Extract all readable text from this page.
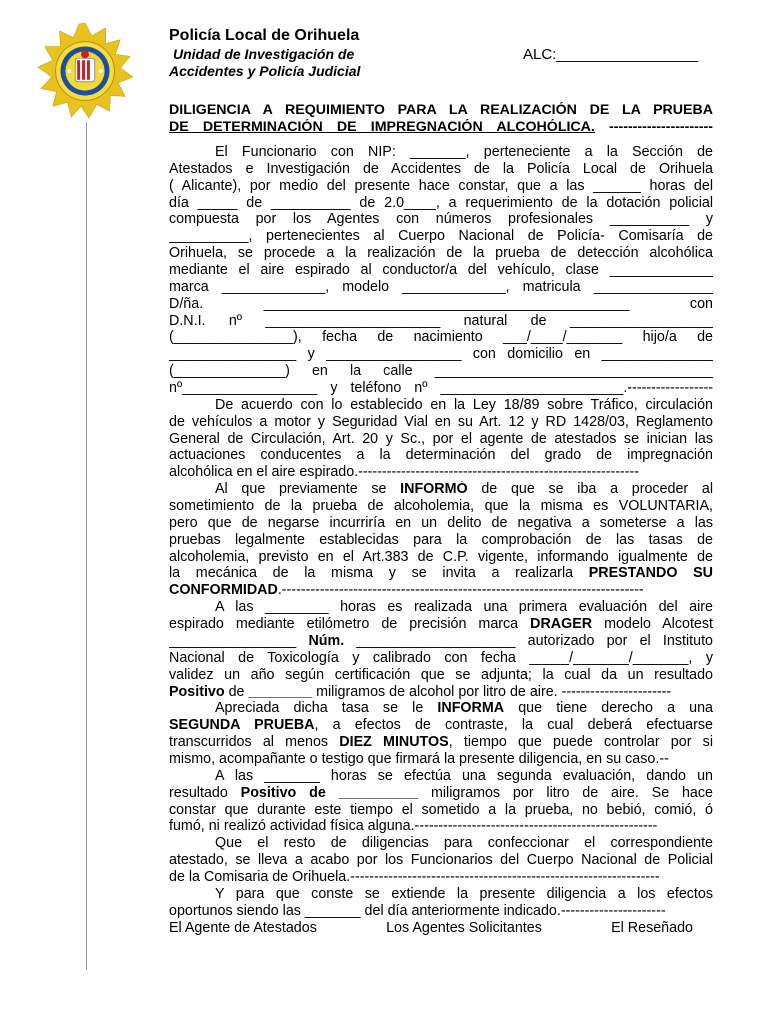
Policía Local de Orihuela
Unidad de Investigación de
Accidentes y Policía Judicial
ALC:_________________
DILIGENCIA A REQUIMIENTO PARA LA REALIZACIÓN DE LA PRUEBA
DE DETERMINACIÓN DE IMPREGNACIÓN ALCOHÓLICA. ----------------------
El Funcionario con NIP: _______, perteneciente a la Sección de
Atestados e Investigación de Accidentes de la Policía Local de Orihuela
( Alicante), por medio del presente hace constar, que a las ______ horas del
día _____ de __________ de 2.0____, a requerimiento de la dotación policial
compuesta por los Agentes con números profesionales __________ y
__________, pertenecientes al Cuerpo Nacional de Policía- Comisaría de
Orihuela, se procede a la realización de la prueba de detección alcohólica
mediante el aire espirado al conductor/a del vehículo, clase _____________
marca _____________, modelo _____________, matricula _______________
D/ña. ______________________________________________ con
D.N.I. nº ______________________ natural de __________________
(_______________), fecha de nacimiento ___/____/_______ hijo/a de
________________ y _________________ con domicilio en ______________
(______________) en la calle ___________________________________
nº_________________ y teléfono nº _______________________.------------------
De acuerdo con lo establecido en la Ley 18/89 sobre Tráfico, circulación
de vehículos a motor y Seguridad Vial en su Art. 12 y RD 1428/03, Reglamento
General de Circulación, Art. 20 y Sc., por el agente de atestados se inician las
actuaciones conducentes a la determinación del grado de impregnación
alcohólica en el aire espirado.-----------------------------------------------------------
Al que previamente se INFORMÓ de que se iba a proceder al
sometimiento de la prueba de alcoholemia, que la misma es VOLUNTARIA,
pero que de negarse incurriría en un delito de negativa a someterse a las
pruebas legalmente establecidas para la comprobación de las tasas de
alcoholemia, previsto en el Art.383 de C.P. vigente, informando igualmente de
la mecánica de la misma y se invita a realizarla PRESTANDO SU
CONFORMIDAD.----------------------------------------------------------------------------
A las ________ horas es realizada una primera evaluación del aire
espirado mediante etilómetro de precisión marca DRAGER modelo Alcotest
________________ Núm. ____________________ autorizado por el Instituto
Nacional de Toxicología y calibrado con fecha _____/_______/_______, y
validez un año según certificación que se adjunta; la cual da un resultado
Positivo de ________ miligramos de alcohol por litro de aire. -----------------------
Apreciada dicha tasa se le INFORMA que tiene derecho a una
SEGUNDA PRUEBA, a efectos de contraste, la cual deberá efectuarse
transcurridos al menos DIEZ MINUTOS, tiempo que puede controlar por si
mismo, acompañante o testigo que firmará la presente diligencia, en su caso.--
A las _______ horas se efectúa una segunda evaluación, dando un
resultado Positivo de __________ miligramos por litro de aire. Se hace
constar que durante este tiempo el sometido a la prueba, no bebió, comió, ó
fumó, ni realizó actividad física alguna.---------------------------------------------------
Que el resto de diligencias para confeccionar el correspondiente
atestado, se lleva a acabo por los Funcionarios del Cuerpo Nacional de Policial
de la Comisaria de Orihuela.-----------------------------------------------------------------
Y para que conste se extiende la presente diligencia a los efectos
oportunos siendo las _______ del día anteriormente indicado.----------------------
El Agente de Atestados	Los Agentes Solicitantes	El Reseñado
